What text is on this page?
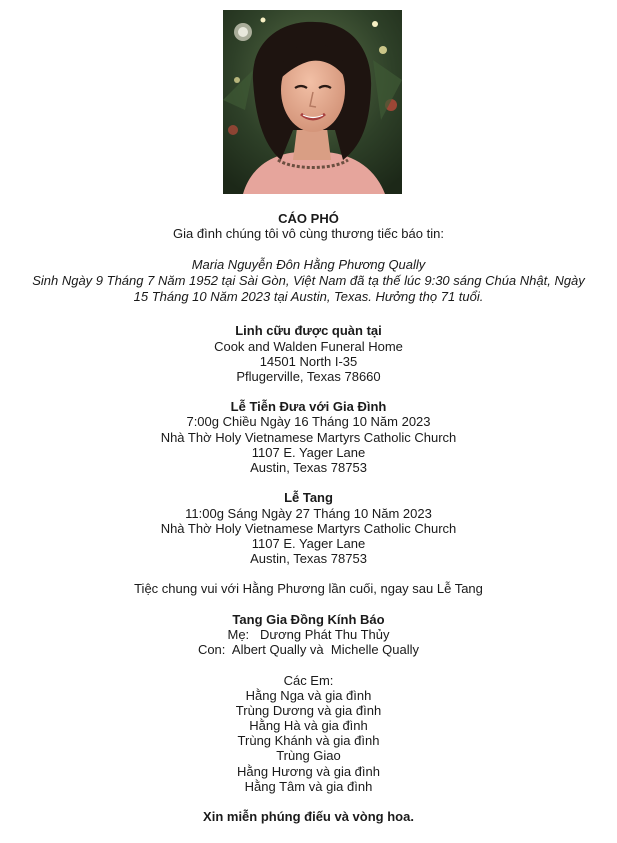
CÁO PHÓ
Gia đình chúng tôi vô cùng thương tiếc báo tin:
Maria Nguyễn Đôn Hằng Phương Qually
Sinh Ngày 9 Tháng 7 Năm 1952 tại Sài Gòn, Việt Nam đã tạ thế lúc 9:30 sáng Chúa Nhật, Ngày
15 Tháng 10 Năm 2023 tại Austin, Texas. Hưởng thọ 71 tuổi.
Linh cữu được quàn tại
Cook and Walden Funeral Home
14501 North I-35
Pflugerville, Texas 78660
Lễ Tiễn Đưa với Gia Đình
7:00g Chiều Ngày 16 Tháng 10 Năm 2023
Nhà Thờ Holy Vietnamese Martyrs Catholic Church
1107 E. Yager Lane
Austin, Texas 78753
Lễ Tang
11:00g Sáng Ngày 27 Tháng 10 Năm 2023
Nhà Thờ Holy Vietnamese Martyrs Catholic Church
1107 E. Yager Lane
Austin, Texas 78753
Tiệc chung vui với Hằng Phương lần cuối, ngay sau Lễ Tang
Tang Gia Đồng Kính Báo
Mẹ:   Dương Phát Thu Thủy
Con:  Albert Qually và  Michelle Qually
Các Em:
Hằng Nga và gia đình
Trùng Dương và gia đình
Hằng Hà và gia đình
Trùng Khánh và gia đình
Trùng Giao
Hằng Hương và gia đình
Hằng Tâm và gia đình
Xin miễn phúng điếu và vòng hoa.
